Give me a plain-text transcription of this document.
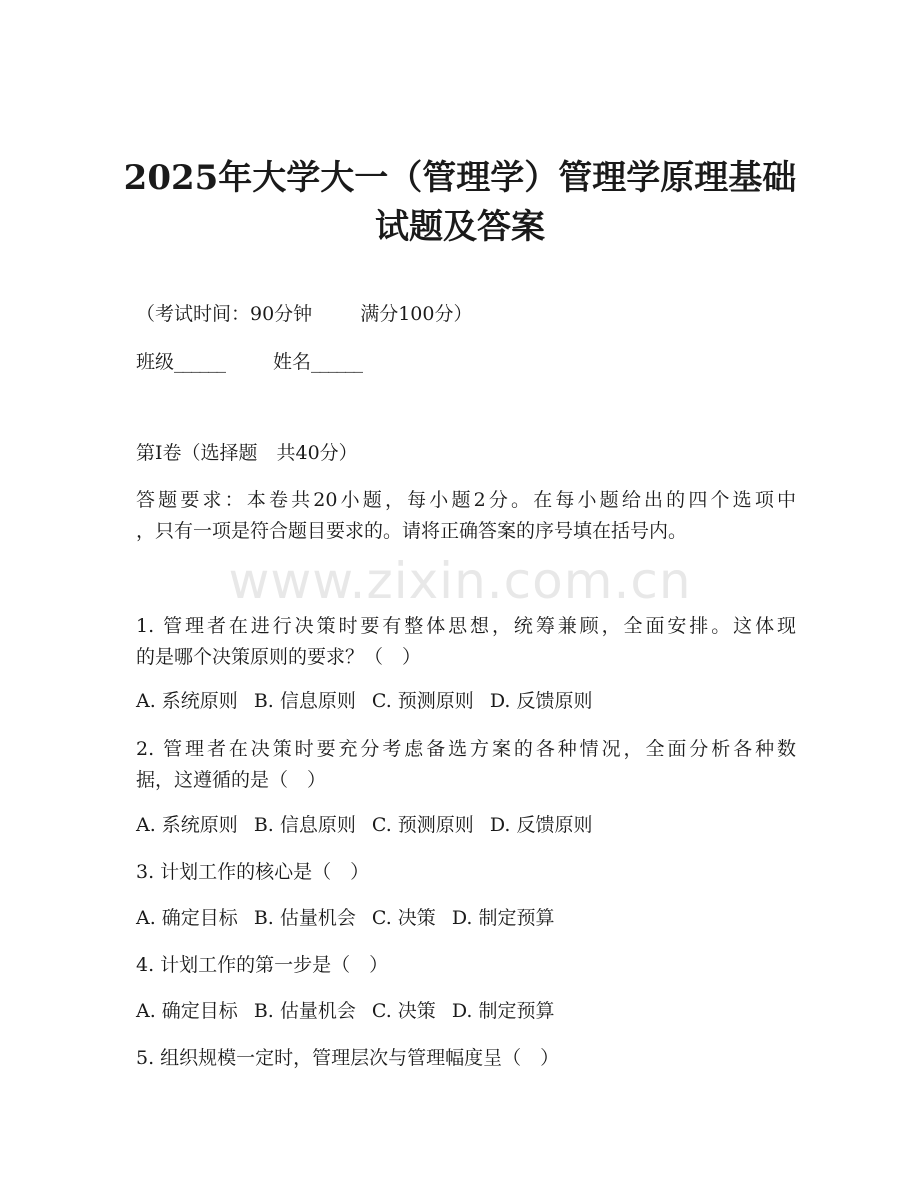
2025年大学大一（管理学）管理学原理基础
试题及答案

（考试时间：90分钟	满分100分）

班级______	姓名______

第I卷（选择题　共40分）

答题要求：本卷共20小题，每小题2分。在每小题给出的四个选项中

，只有一项是符合题目要求的。请将正确答案的序号填在括号内。

www.zixin.com.cn

1. 管理者在进行决策时要有整体思想，统筹兼顾，全面安排。这体现

的是哪个决策原则的要求？（　）

A. 系统原则 B. 信息原则 C. 预测原则 D. 反馈原则

2. 管理者在决策时要充分考虑备选方案的各种情况，全面分析各种数

据，这遵循的是（　）

A. 系统原则 B. 信息原则 C. 预测原则 D. 反馈原则

3. 计划工作的核心是（　）

A. 确定目标 B. 估量机会 C. 决策 D. 制定预算

4. 计划工作的第一步是（　）

A. 确定目标 B. 估量机会 C. 决策 D. 制定预算

5. 组织规模一定时，管理层次与管理幅度呈（　）
